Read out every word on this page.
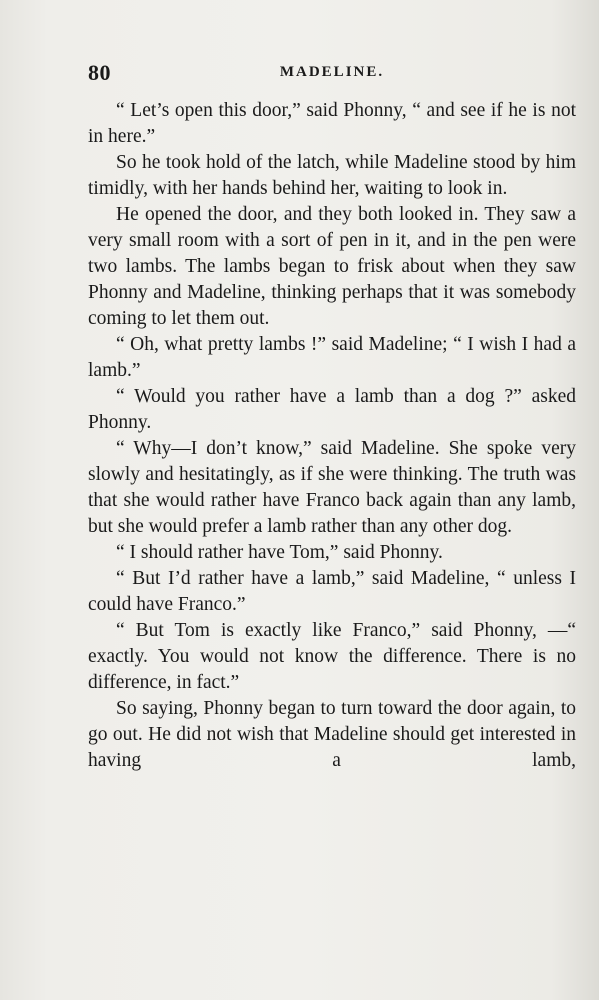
80	MADELINE.

“ Let’s open this door,” said Phonny, “ and see if he is not in here.”

So he took hold of the latch, while Madeline stood by him timidly, with her hands behind her, waiting to look in.

He opened the door, and they both looked in. They saw a very small room with a sort of pen in it, and in the pen were two lambs. The lambs began to frisk about when they saw Phonny and Madeline, thinking perhaps that it was somebody coming to let them out.

“ Oh, what pretty lambs !” said Madeline; “ I wish I had a lamb.”

“ Would you rather have a lamb than a dog ?” asked Phonny.

“ Why—I don’t know,” said Madeline. She spoke very slowly and hesitatingly, as if she were thinking. The truth was that she would rather have Franco back again than any lamb, but she would prefer a lamb rather than any other dog.

“ I should rather have Tom,” said Phonny.

“ But I’d rather have a lamb,” said Madeline, “ unless I could have Franco.”

“ But Tom is exactly like Franco,” said Phonny, —“ exactly. You would not know the difference. There is no difference, in fact.”

So saying, Phonny began to turn toward the door again, to go out. He did not wish that Madeline should get interested in having a lamb,
